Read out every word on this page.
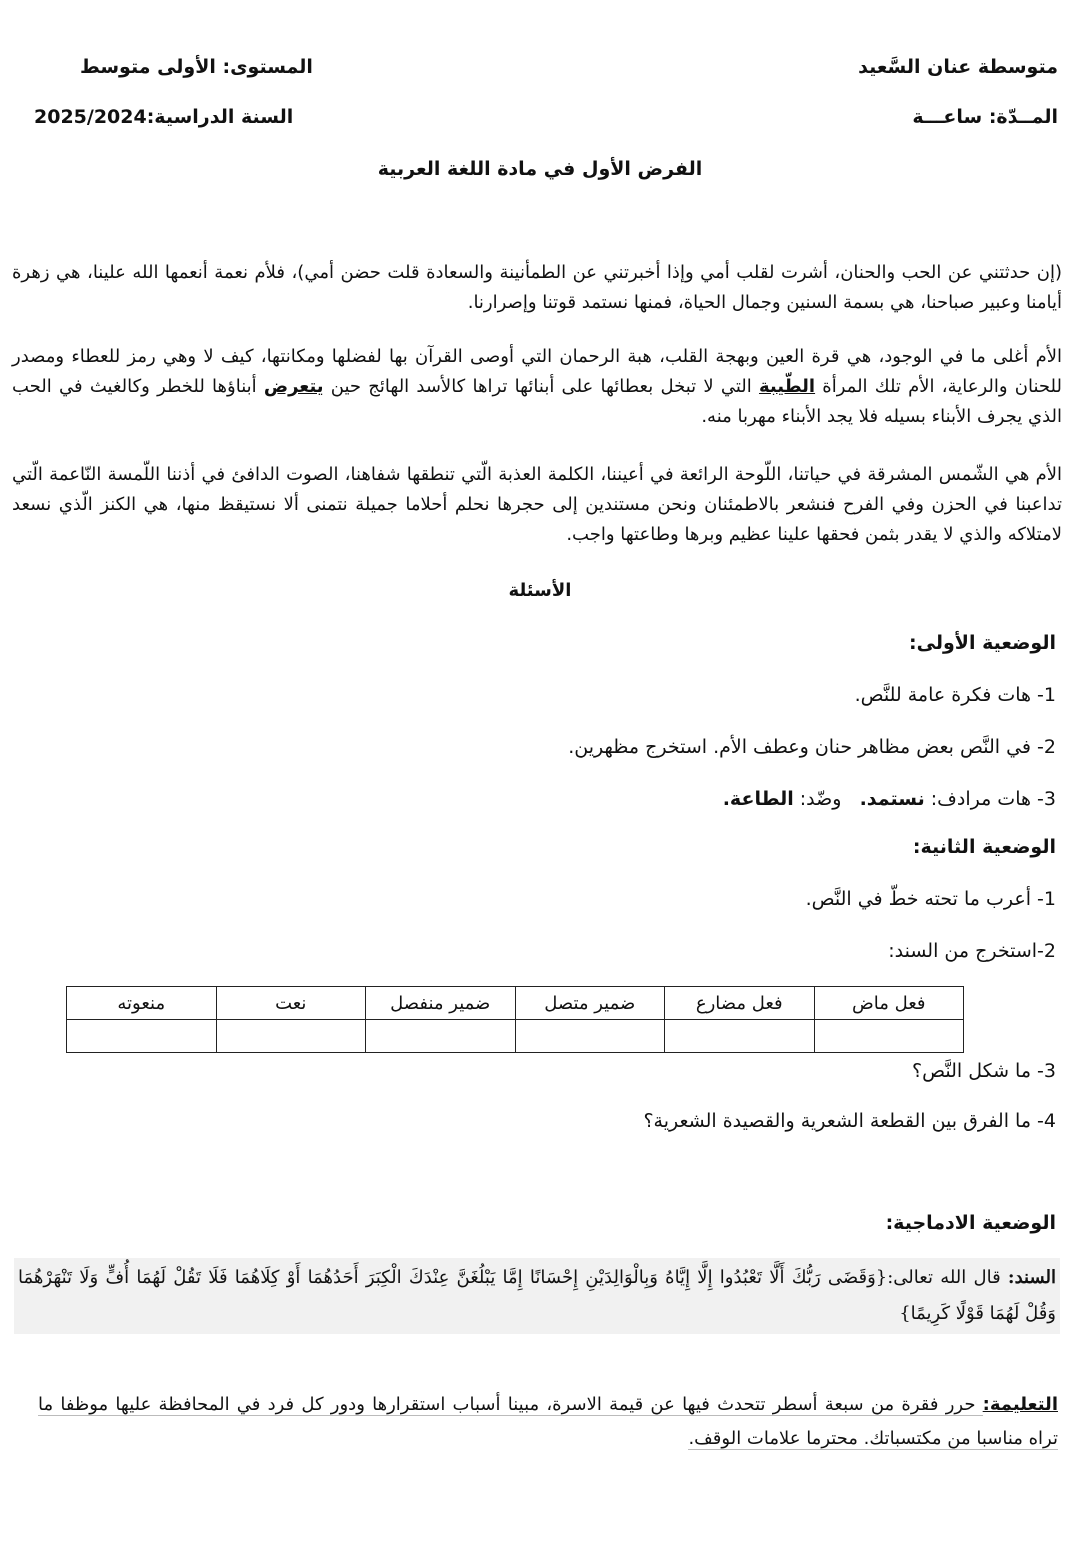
متوسطة عنان السَّعيد
المستوى: الأولى متوسط
المــدّة: ساعـــة
السنة الدراسية:2025/2024
الفرض الأول في مادة اللغة العربية

(إن حدثتني عن الحب والحنان، أشرت لقلب أمي وإذا أخبرتني عن الطمأنينة والسعادة قلت حضن أمي)، فلأم نعمة أنعمها الله علينا، هي زهرة أيامنا وعبير صباحنا، هي بسمة السنين وجمال الحياة، فمنها نستمد قوتنا وإصرارنا.

الأم أغلى ما في الوجود، هي قرة العين وبهجة القلب، هبة الرحمان التي أوصى القرآن بها لفضلها ومكانتها، كيف لا وهي رمز للعطاء ومصدر للحنان والرعاية، الأم تلك المرأة الطّيبة التي لا تبخل بعطائها على أبنائها تراها كالأسد الهائج حين يتعرض أبناؤها للخطر وكالغيث في الحب الذي يجرف الأبناء بسيله فلا يجد الأبناء مهربا منه.

الأم هي الشّمس المشرقة في حياتنا، اللّوحة الرائعة في أعيننا، الكلمة العذبة الّتي تنطقها شفاهنا، الصوت الدافئ في أذننا اللّمسة النّاعمة الّتي تداعبنا في الحزن وفي الفرح فنشعر بالاطمئنان ونحن مستندين إلى حجرها نحلم أحلاما جميلة نتمنى ألا نستيقظ منها، هي الكنز الّذي نسعد لامتلاكه والذي لا يقدر بثمن فحقها علينا عظيم وبرها وطاعتها واجب.

الأسئلة
الوضعية الأولى:
1- هات فكرة عامة للنَّص.
2- في النَّص بعض مظاهر حنان وعطف الأم. استخرج مظهرين.
3- هات مرادف: نستمد.   وضّد: الطاعة.
الوضعية الثانية:
1- أعرب ما تحته خطّ في النَّص.
2-استخرج من السند:
فعل ماض	فعل مضارع	ضمير متصل	ضمير منفصل	نعت	منعوته

3- ما شكل النَّص؟
4- ما الفرق بين القطعة الشعرية والقصيدة الشعرية؟
الوضعية الادماجية:
السند: قال الله تعالى:{وَقَضَى رَبُّكَ أَلَّا تَعْبُدُوا إِلَّا إِيَّاهُ وَبِالْوَالِدَيْنِ إِحْسَانًا إِمَّا يَبْلُغَنَّ عِنْدَكَ الْكِبَرَ أَحَدُهُمَا أَوْ كِلَاهُمَا فَلَا تَقُلْ لَهُمَا أُفٍّ وَلَا تَنْهَرْهُمَا وَقُلْ لَهُمَا قَوْلًا كَرِيمًا}
التعليمة: حرر فقرة من سبعة أسطر تتحدث فيها عن قيمة الاسرة، مبينا أسباب استقرارها ودور كل فرد في المحافظة عليها موظفا ما تراه مناسبا من مكتسباتك. محترما علامات الوقف.
